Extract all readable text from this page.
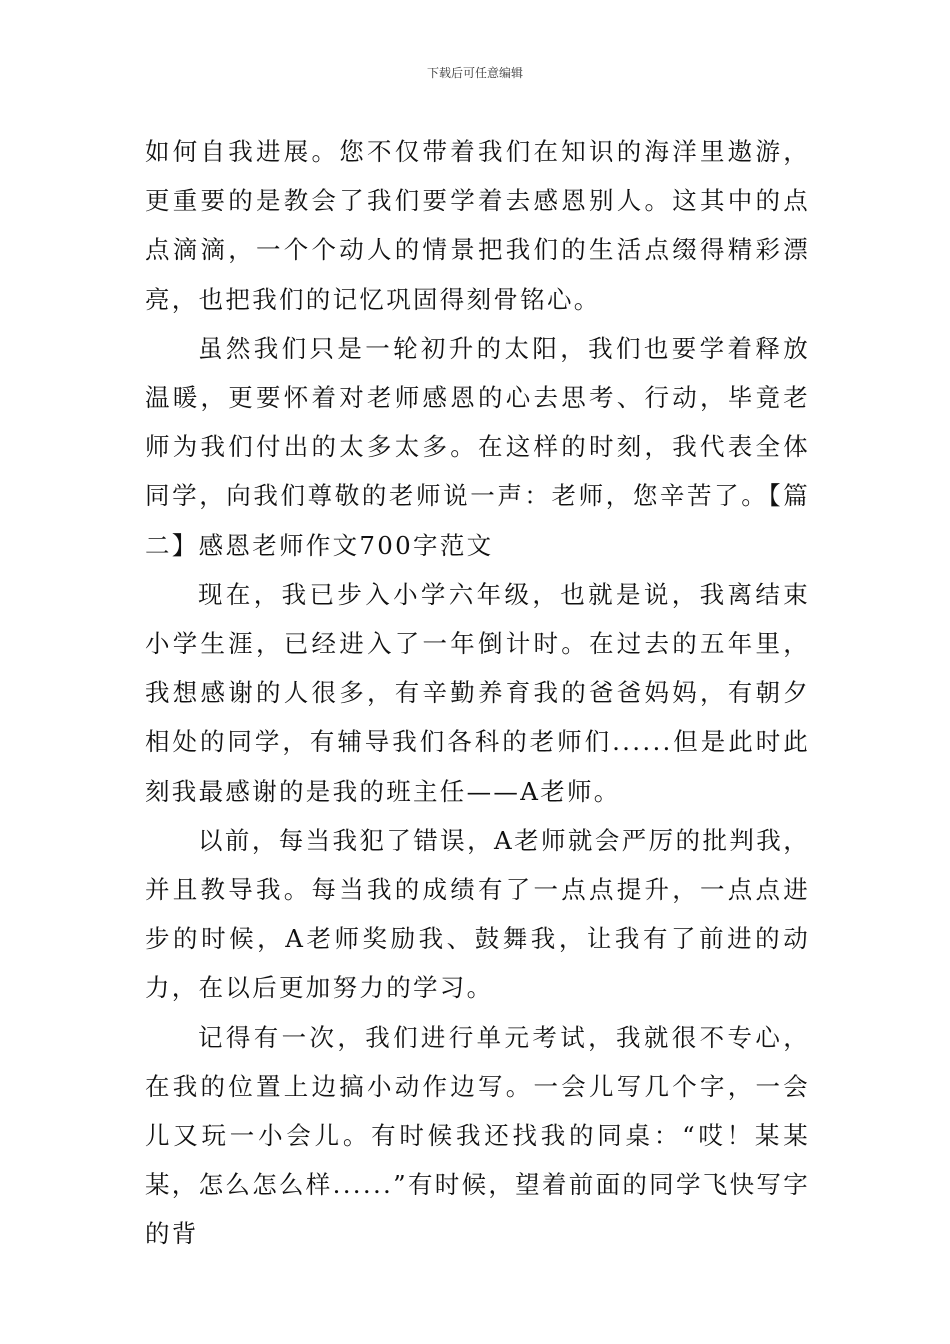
下载后可任意编辑

如何自我进展。您不仅带着我们在知识的海洋里遨游，更重要的是教会了我们要学着去感恩别人。这其中的点点滴滴，一个个动人的情景把我们的生活点缀得精彩漂亮，也把我们的记忆巩固得刻骨铭心。

虽然我们只是一轮初升的太阳，我们也要学着释放温暖，更要怀着对老师感恩的心去思考、行动，毕竟老师为我们付出的太多太多。在这样的时刻，我代表全体同学，向我们尊敬的老师说一声：老师，您辛苦了。【篇二】感恩老师作文700字范文

现在，我已步入小学六年级，也就是说，我离结束小学生涯，已经进入了一年倒计时。在过去的五年里，我想感谢的人很多，有辛勤养育我的爸爸妈妈，有朝夕相处的同学，有辅导我们各科的老师们......但是此时此刻我最感谢的是我的班主任——A老师。

以前，每当我犯了错误，A老师就会严厉的批判我，并且教导我。每当我的成绩有了一点点提升，一点点进步的时候，A老师奖励我、鼓舞我，让我有了前进的动力，在以后更加努力的学习。

记得有一次，我们进行单元考试，我就很不专心，在我的位置上边搞小动作边写。一会儿写几个字，一会儿又玩一小会儿。有时候我还找我的同桌：“哎！某某某，怎么怎么样......”有时候，望着前面的同学飞快写字的背
